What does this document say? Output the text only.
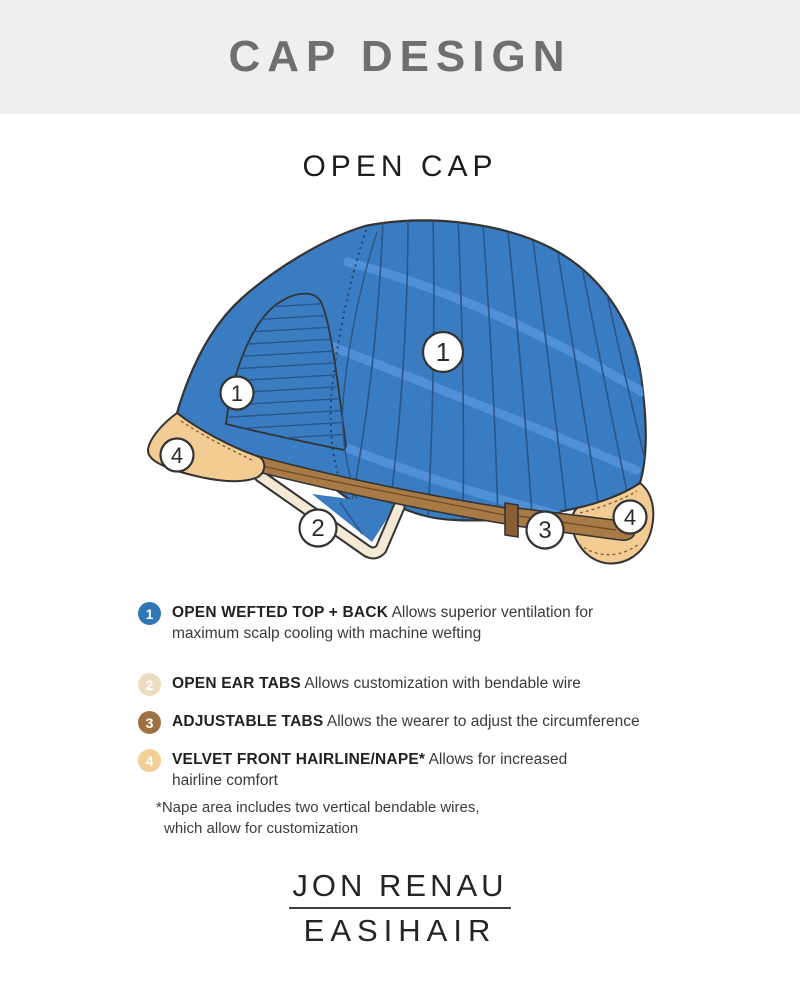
CAP DESIGN
OPEN CAP
1
1
2	3
4
4
1	OPEN WEFTED TOP + BACK Allows superior ventilation for
maximum scalp cooling with machine wefting
2	OPEN EAR TABS Allows customization with bendable wire
3	ADJUSTABLE TABS Allows the wearer to adjust the circumference
4	VELVET FRONT HAIRLINE/NAPE* Allows for increased
hairline comfort
*Nape area includes two vertical bendable wires,
which allow for customization
JON RENAU
EASIHAIR
